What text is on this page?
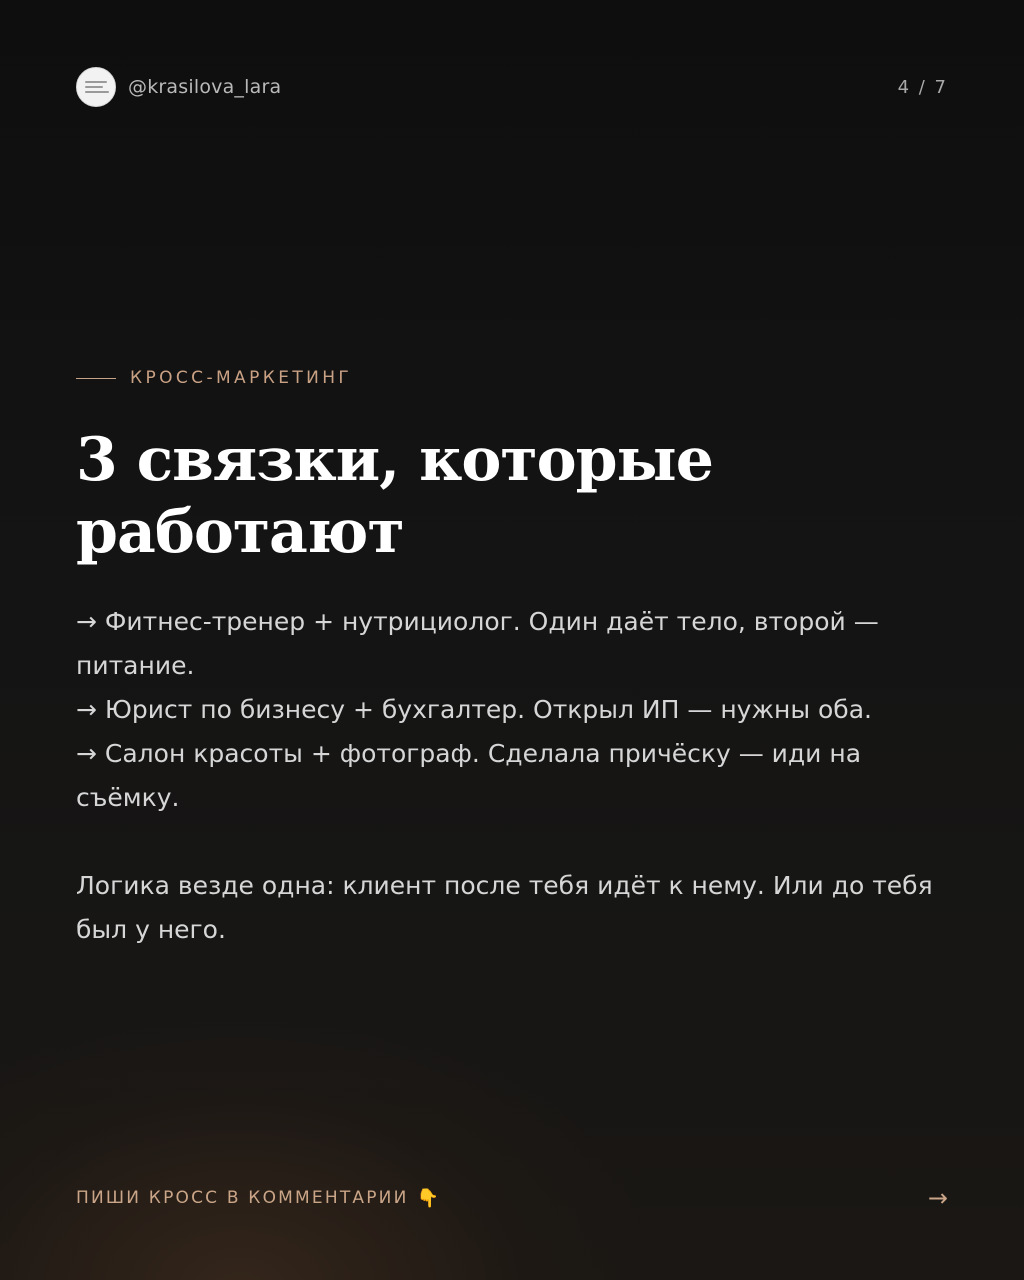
@krasilova_lara	4 / 7
КРОСС-МАРКЕТИНГ
3 связки, которые
работают

→ Фитнес-тренер + нутрициолог. Один даёт тело, второй — питание.

→ Юрист по бизнесу + бухгалтер. Открыл ИП — нужны оба.

→ Салон красоты + фотограф. Сделала причёску — иди на съёмку.

Логика везде одна: клиент после тебя идёт к нему. Или до тебя был у него.

ПИШИ КРОСС В КОММЕНТАРИИ 👇	→
